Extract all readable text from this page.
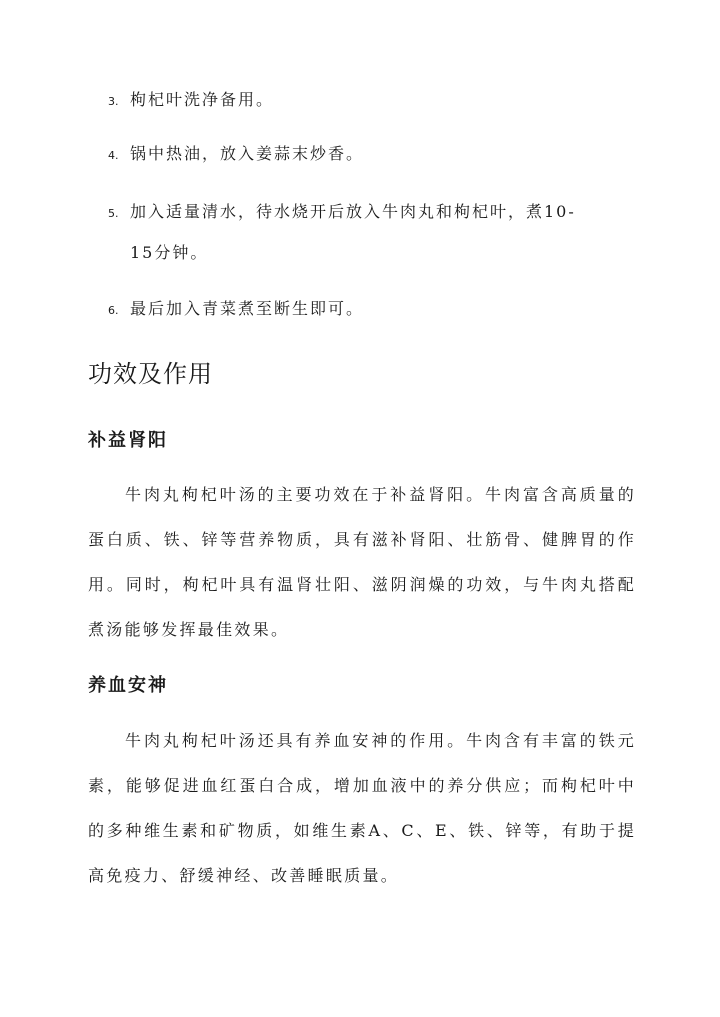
3. 枸杞叶洗净备用。
4. 锅中热油，放入姜蒜末炒香。
5. 加入适量清水，待水烧开后放入牛肉丸和枸杞叶，煮10-
15分钟。
6. 最后加入青菜煮至断生即可。
功效及作用
补益肾阳
牛肉丸枸杞叶汤的主要功效在于补益肾阳。牛肉富含高质量的蛋白质、铁、锌等营养物质，具有滋补肾阳、壮筋骨、健脾胃的作用。同时，枸杞叶具有温肾壮阳、滋阴润燥的功效，与牛肉丸搭配煮汤能够发挥最佳效果。
养血安神
牛肉丸枸杞叶汤还具有养血安神的作用。牛肉含有丰富的铁元素，能够促进血红蛋白合成，增加血液中的养分供应；而枸杞叶中的多种维生素和矿物质，如维生素A、C、E、铁、锌等，有助于提高免疫力、舒缓神经、改善睡眠质量。
